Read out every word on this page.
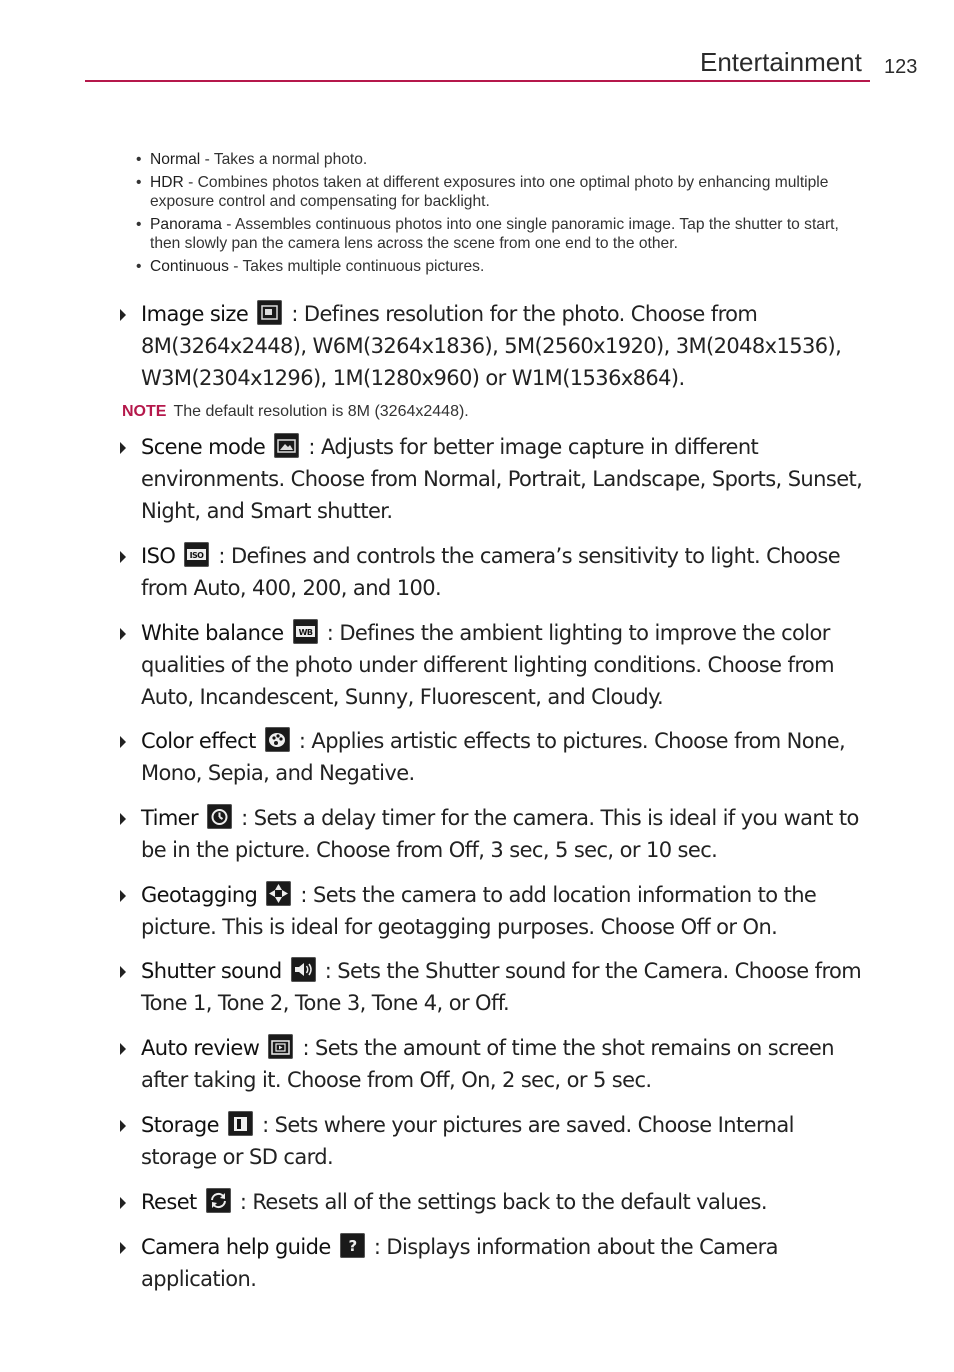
Entertainment 123
• Normal - Takes a normal photo.
• HDR - Combines photos taken at different exposures into one optimal photo by enhancing multiple exposure control and compensating for backlight.
• Panorama - Assembles continuous photos into one single panoramic image. Tap the shutter to start, then slowly pan the camera lens across the scene from one end to the other.
• Continuous - Takes multiple continuous pictures.
Image size
: Defines resolution for the photo. Choose from 8M(3264x2448), W6M(3264x1836), 5M(2560x1920), 3M(2048x1536), W3M(2304x1296), 1M(1280x960) or W1M(1536x864).
NOTE The default resolution is 8M (3264x2448).
Scene mode
: Adjusts for better image capture in different environments. Choose from Normal, Portrait, Landscape, Sports, Sunset, Night, and Smart shutter.
ISO ISO : Defines and controls the camera’s sensitivity to light. Choose from Auto, 400, 200, and 100.
White balance WB : Defines the ambient lighting to improve the color qualities of the photo under different lighting conditions. Choose from Auto, Incandescent, Sunny, Fluorescent, and Cloudy.
Color effect
: Applies artistic effects to pictures. Choose from None, Mono, Sepia, and Negative.
Timer
: Sets a delay timer for the camera. This is ideal if you want to be in the picture. Choose from Off, 3 sec, 5 sec, or 10 sec.
Geotagging
: Sets the camera to add location information to the picture. This is ideal for geotagging purposes. Choose Off or On.
Shutter sound
: Sets the Shutter sound for the Camera. Choose from Tone 1, Tone 2, Tone 3, Tone 4, or Off.
Auto review
: Sets the amount of time the shot remains on screen after taking it. Choose from Off, On, 2 sec, or 5 sec.
Storage
: Sets where your pictures are saved. Choose Internal storage or SD card.
Reset
: Resets all of the settings back to the default values.
Camera help guide ? : Displays information about the Camera application.
